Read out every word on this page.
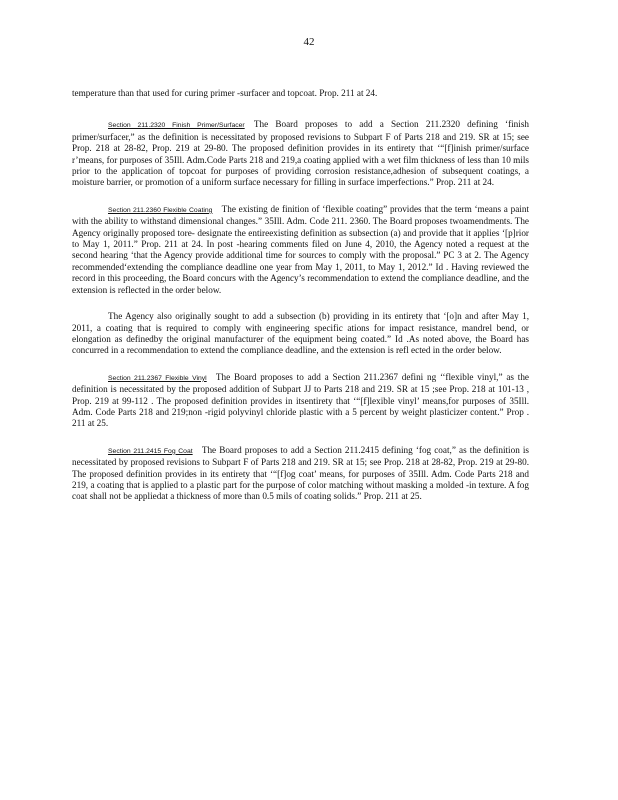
42

temperature than that used for curing primer -surfacer and topcoat. Prop. 211 at 24.

Section 211.2320 Finish Primer/Surfacer  The Board proposes to add a Section 211.2320 defining ‘finish primer/surfacer,” as the definition is necessitated by proposed revisions to Subpart F of Parts 218 and 219. SR at 15; see Prop. 218 at 28-82, Prop. 219 at 29-80. The proposed definition provides in its entirety that ‘“[f]inish primer/surface r’means, for purposes of 35Ill. Adm.Code Parts 218 and 219,a coating applied with a wet film thickness of less than 10 mils prior to the application of topcoat for purposes of providing corrosion resistance,adhesion of subsequent coatings, a moisture barrier, or promotion of a uniform surface necessary for filling in surface imperfections.” Prop. 211 at 24.

Section 211.2360 Flexible Coating  The existing de finition of ‘flexible coating” provides that the term ‘means a paint with the ability to withstand dimensional changes.” 35Ill. Adm. Code 211. 2360. The Board proposes twoamendments. The Agency originally proposed tore- designate the entireexisting definition as subsection (a) and provide that it applies ‘[p]rior to May 1, 2011.” Prop. 211 at 24. In post -hearing comments filed on June 4, 2010, the Agency noted a request at the second hearing ‘that the Agency provide additional time for sources to comply with the proposal.” PC 3 at 2. The Agency recommended‘extending the compliance deadline one year from May 1, 2011, to May 1, 2012.” Id . Having reviewed the record in this proceeding, the Board concurs with the Agency’s recommendation to extend the compliance deadline, and the extension is reflected in the order below.

The Agency also originally sought to add a subsection (b) providing in its entirety that ‘[o]n and after May 1, 2011, a coating that is required to comply with engineering specific ations for impact resistance, mandrel bend, or elongation as definedby the original manufacturer of the equipment being coated.” Id .As noted above, the Board has concurred in a recommendation to extend the compliance deadline, and the extension is refl ected in the order below.

Section 211.2367 Flexible Vinyl  The Board proposes to add a Section 211.2367 defini ng ‘‘flexible vinyl,” as the definition is necessitated by the proposed addition of Subpart JJ to Parts 218 and 219. SR at 15 ;see Prop. 218 at 101-13 , Prop. 219 at 99-112 . The proposed definition provides in itsentirety that ‘“[f]lexible vinyl’ means,for purposes of 35Ill. Adm. Code Parts 218 and 219;non -rigid polyvinyl chloride plastic with a 5 percent by weight plasticizer content.” Prop . 211 at 25.

Section 211.2415 Fog Coat  The Board proposes to add a Section 211.2415 defining ‘fog coat,” as the definition is necessitated by proposed revisions to Subpart F of Parts 218 and 219. SR at 15; see Prop. 218 at 28-82, Prop. 219 at 29-80. The proposed definition provides in its entirety that ‘“[f]og coat’ means, for purposes of 35Ill. Adm. Code Parts 218 and 219, a coating that is applied to a plastic part for the purpose of color matching without masking a molded -in texture. A fog coat shall not be appliedat a thickness of more than 0.5 mils of coating solids.” Prop. 211 at 25.
